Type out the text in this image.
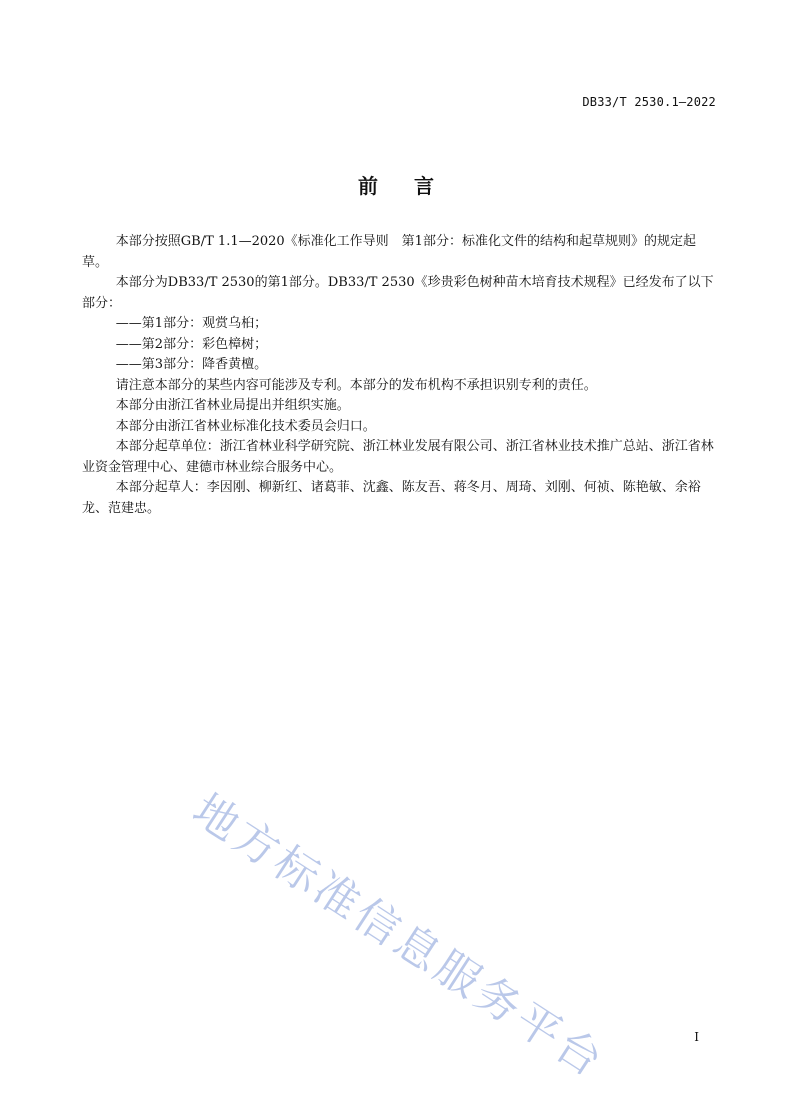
DB33/T 2530.1—2022
前言

本部分按照GB/T 1.1—2020《标准化工作导则　第1部分：标准化文件的结构和起草规则》的规定起草。

本部分为DB33/T 2530的第1部分。DB33/T 2530《珍贵彩色树种苗木培育技术规程》已经发布了以下部分：

——第1部分：观赏乌桕；

——第2部分：彩色樟树；

——第3部分：降香黄檀。

请注意本部分的某些内容可能涉及专利。本部分的发布机构不承担识别专利的责任。

本部分由浙江省林业局提出并组织实施。

本部分由浙江省林业标准化技术委员会归口。

本部分起草单位：浙江省林业科学研究院、浙江林业发展有限公司、浙江省林业技术推广总站、浙江省林业资金管理中心、建德市林业综合服务中心。

本部分起草人：李因刚、柳新红、诸葛菲、沈鑫、陈友吾、蒋冬月、周琦、刘刚、何祯、陈艳敏、余裕龙、范建忠。

地方标准信息服务平台	I
